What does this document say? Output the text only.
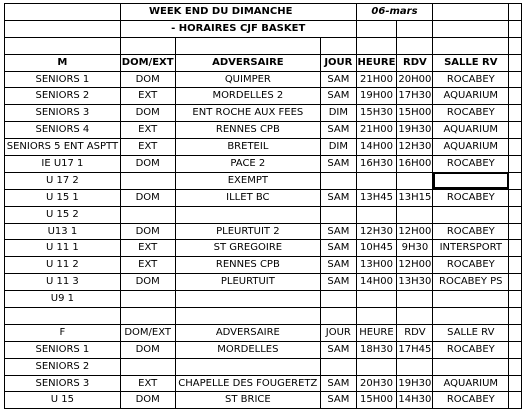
	WEEK END DU DIMANCHE			06-mars			
	- HORAIRES CJF BASKET						

M	DOM/EXT	ADVERSAIRE	JOUR	HEURE	RDV	SALLE RV	
SENIORS 1	DOM	QUIMPER	SAM	21H00	20H00	ROCABEY	
SENIORS 2	EXT	MORDELLES 2	SAM	19H00	17H30	AQUARIUM	
SENIORS 3	DOM	ENT ROCHE AUX FEES	DIM	15H30	15H00	ROCABEY	
SENIORS 4	EXT	RENNES CPB	SAM	21H00	19H30	AQUARIUM	
SENIORS 5 ENT ASPTT	EXT	BRETEIL	DIM	14H00	12H30	AQUARIUM	
IE U17 1	DOM	PACE 2	SAM	16H30	16H00	ROCABEY	
U 17 2		EXEMPT					
U 15 1	DOM	ILLET BC	SAM	13H45	13H15	ROCABEY	
U 15 2							
U13 1	DOM	PLEURTUIT 2	SAM	12H30	12H00	ROCABEY	
U 11 1	EXT	ST GREGOIRE	SAM	10H45	9H30	INTERSPORT	
U 11 2	EXT	RENNES CPB	SAM	13H00	12H00	ROCABEY	
U 11 3	DOM	PLEURTUIT	SAM	14H00	13H30	ROCABEY PS	
U9 1							

F	DOM/EXT	ADVERSAIRE	JOUR	HEURE	RDV	SALLE RV	
SENIORS 1	DOM	MORDELLES	SAM	18H30	17H45	ROCABEY	
SENIORS 2							
SENIORS 3	EXT	CHAPELLE DES FOUGERETZ	SAM	20H30	19H30	AQUARIUM	
U 15	DOM	ST BRICE	SAM	15H00	14H30	ROCABEY	
